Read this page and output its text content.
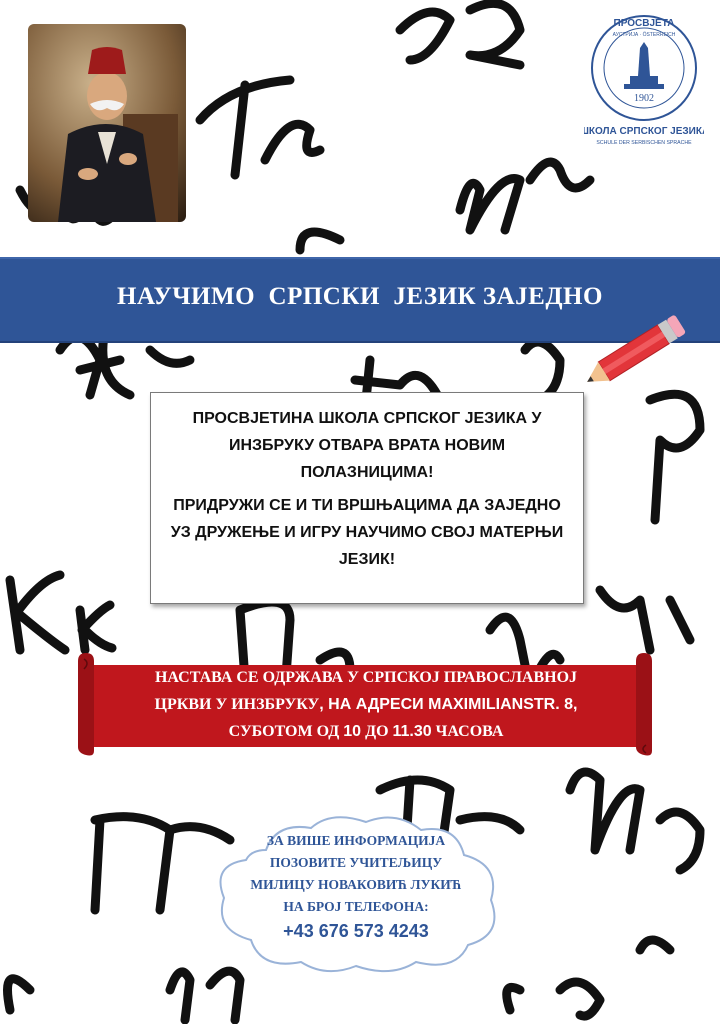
ПРОСВЈЕТА
АУСТРИЈА · ÖSTERREICH
1902
ШКОЛА СРПСКОГ ЈЕЗИКА
SCHULE DER SERBISCHEN SPRACHE
НАУЧИМО  СРПСКИ  ЈЕЗИК ЗАЈЕДНО

ПРОСВЈЕТИНА ШКОЛА СРПСКОГ ЈЕЗИКА У ИНЗБРУКУ ОТВАРА ВРАТА НОВИМ ПОЛАЗНИЦИМА!

ПРИДРУЖИ СЕ И ТИ ВРШЊАЦИМА ДА ЗАЈЕДНО УЗ ДРУЖЕЊЕ И ИГРУ НАУЧИМО СВОЈ МАТЕРЊИ ЈЕЗИК!

НАСТАВА СЕ ОДРЖАВА У СРПСКОЈ ПРАВОСЛАВНОЈ
ЦРКВИ У ИНЗБРУКУ, НА АДРЕСИ MAXIMILIANSTR. 8,
СУБОТОМ ОД 10 ДО 11.30 ЧАСОВА
ЗА ВИШЕ ИНФОРМАЦИЈА
ПОЗОВИТЕ УЧИТЕЉИЦУ
МИЛИЦУ НОВАКОВИЋ ЛУКИЋ
НА БРОЈ ТЕЛЕФОНА:
+43 676 573 4243
